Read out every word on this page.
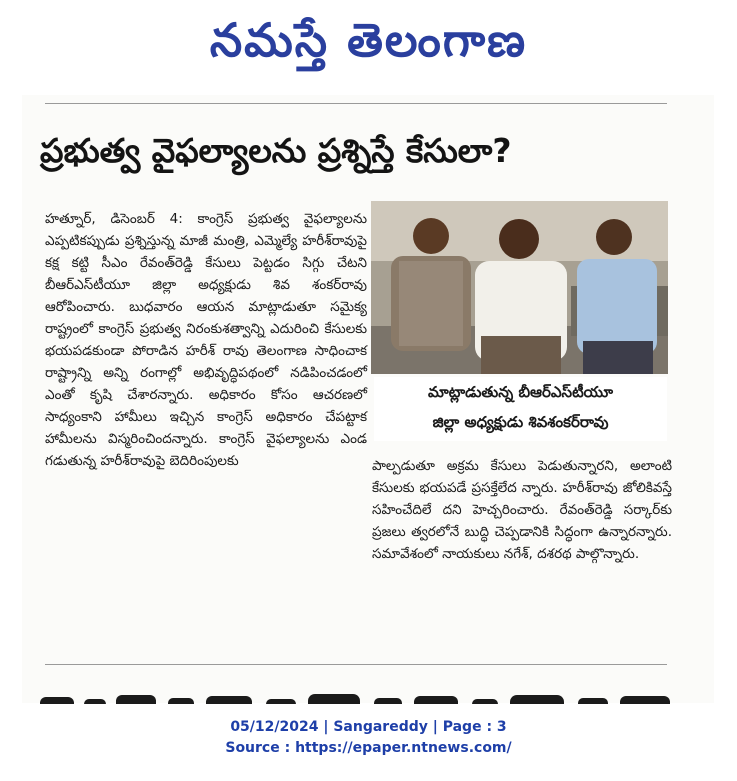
నమస్తే తెలంగాణ
ప్రభుత్వ వైఫల్యాలను ప్రశ్నిస్తే కేసులా?

హత్నూర్, డిసెంబర్ 4: కాంగ్రెస్ ప్రభుత్వ వైఫల్యాలను ఎప్పటికప్పుడు ప్రశ్నిస్తున్న మాజీ మంత్రి, ఎమ్మెల్యే హరీశ్‌రావుపై కక్ష కట్టి సీఎం రేవంత్‌రెడ్డి కేసులు పెట్టడం సిగ్గు చేటని బీఆర్‌ఎస్‌టీయూ జిల్లా అధ్యక్షుడు శివ శంకర్‌రావు ఆరోపించారు. బుధవారం ఆయన మాట్లాడుతూ సమైక్య రాష్ట్రంలో కాంగ్రెస్ ప్రభుత్వ నిరంకుశత్వాన్ని ఎదురించి కేసులకు భయపడకుండా పోరాడిన హరీశ్ రావు తెలంగాణ సాధించాక రాష్ట్రాన్ని అన్ని రంగాల్లో అభివృద్ధిపథంలో నడిపించడంలో ఎంతో కృషి చేశారన్నారు. అధికారం కోసం ఆచరణలో సాధ్యంకాని హామీలు ఇచ్చిన కాంగ్రెస్ అధికారం చేపట్టాక హామీలను విస్మరించిందన్నారు. కాంగ్రెస్ వైఫల్యాలను ఎండ గడుతున్న హరీశ్‌రావుపై బెదిరింపులకు

మాట్లాడుతున్న బీఆర్‌ఎస్‌టీయూ
జిల్లా అధ్యక్షుడు శివశంకర్‌రావు

పాల్పడుతూ అక్రమ కేసులు పెడుతున్నారని, అలాంటి కేసులకు భయపడే ప్రసక్తేలేద న్నారు. హరీశ్‌రావు జోలికివస్తే సహించేదిలే దని హెచ్చరించారు. రేవంత్‌రెడ్డి సర్కార్‌కు ప్రజలు త్వరలోనే బుద్ధి చెప్పడానికి సిద్ధంగా ఉన్నారన్నారు. సమావేశంలో నాయకులు నగేశ్, దశరథ పాల్గొన్నారు.

05/12/2024 | Sangareddy | Page : 3
Source : https://epaper.ntnews.com/
